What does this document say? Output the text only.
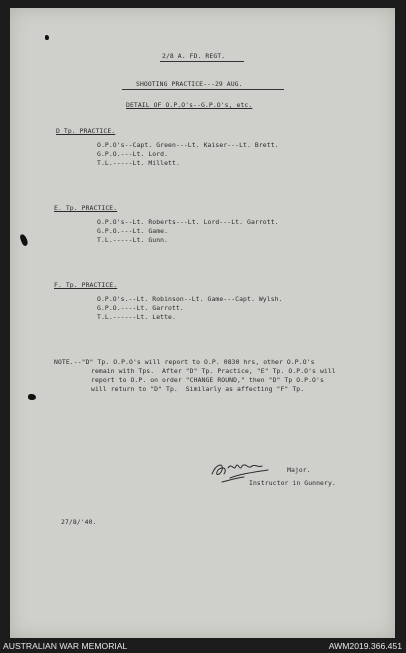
2/8 A. FD. REGT.
SHOOTING PRACTICE---29 AUG.
DETAIL OF O.P.O's--G.P.O's, etc.
D Tp. PRACTICE.
O.P.O's--Capt. Green---Lt. Kaiser---Lt. Brett.
G.P.O.---Lt. Lord.
T.L.-----Lt. Millett.
E. Tp. PRACTICE.
O.P.O's--Lt. Roberts---Lt. Lord---Lt. Garrott.
G.P.O.---Lt. Game.
T.L.-----Lt. Gunn.
F. Tp. PRACTICE.
O.P.O's.--Lt. Robinson--Lt. Game---Capt. Wylsh.
G.P.O.----Lt. Garrott.
T.L.------Lt. Lette.
NOTE.--"D" Tp. O.P.O's will report to O.P. 0830 hrs, other O.P.O's
remain with Tps.  After "D" Tp. Practice, "E" Tp. O.P.O's will
report to O.P. on order "CHANGE ROUND," then "D" Tp O.P.O's
will return to "D" Tp.  Similarly as affecting "F" Tp.
Major.
Instructor in Gunnery.
27/8/'40.
AUSTRALIAN WAR MEMORIAL	AWM2019.366.451
